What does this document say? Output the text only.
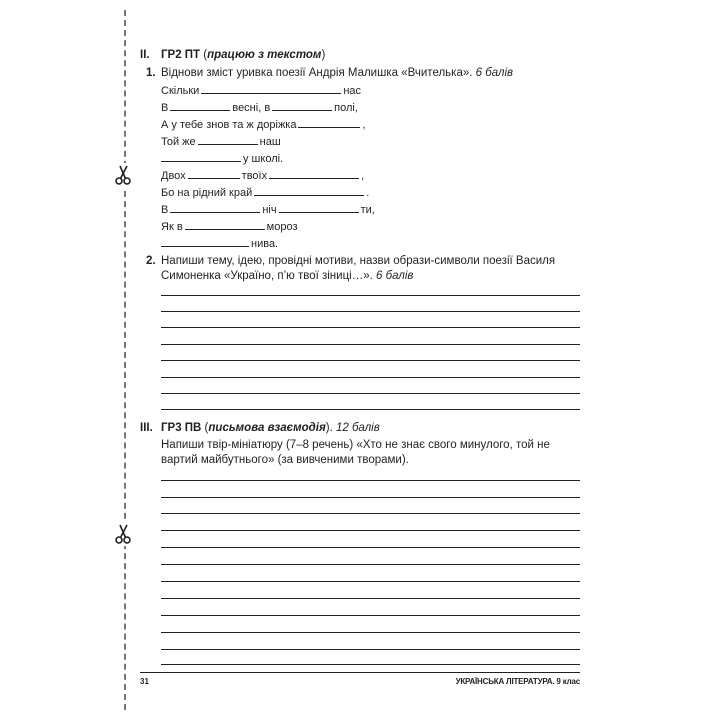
II. ГР2 ПТ (працюю з текстом)
1. Віднови зміст уривка поезії Андрія Малишка «Вчителька». 6 балів
Скільки	нас
В	весні, в	полі,
А у тебе знов та ж доріжка	,
Той же	наш
у школі.
Двох	твоїх	,
Бо на рідний край	.
В	ніч	ти,
Як в	мороз
нива.
2. Напиши тему, ідею, провідні мотиви, назви образи-символи поезії Василя Симоненка «Україно, п’ю твої зіниці…». 6 балів
III. ГР3 ПВ (письмова взаємодія). 12 балів
Напиши твір-мініатюру (7–8 речень) «Хто не знає свого минулого, той не вартий майбутнього» (за вивченими творами).
31	УКРАЇНСЬКА ЛІТЕРАТУРА. 9 клас
